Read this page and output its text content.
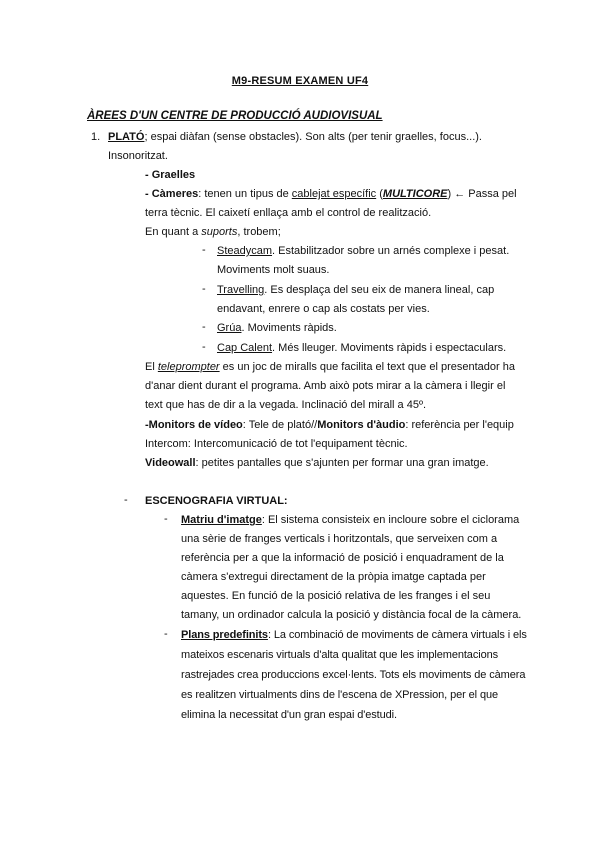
M9-RESUM EXAMEN UF4
ÀREES D'UN CENTRE DE PRODUCCIÓ AUDIOVISUAL
1. PLATÓ; espai diàfan (sense obstacles). Son alts (per tenir graelles, focus...).
Insonoritzat.
- Graelles
- Càmeres: tenen un tipus de cablejat específic (MULTICORE) ← Passa pel
terra tècnic. El caixetí enllaça amb el control de realització.
En quant a suports, trobem;
- Steadycam. Estabilitzador sobre un arnés complexe i pesat.
Moviments molt suaus.
- Travelling. Es desplaça del seu eix de manera lineal, cap
endavant, enrere o cap als costats per vies.
- Grúa. Moviments ràpids.
- Cap Calent. Més lleuger. Moviments ràpids i espectaculars.
El teleprompter es un joc de miralls que facilita el text que el presentador ha
d'anar dient durant el programa. Amb això pots mirar a la càmera i llegir el
text que has de dir a la vegada. Inclinació del mirall a 45º.
-Monitors de vídeo: Tele de plató//Monitors d'àudio: referència per l'equip
Intercom: Intercomunicació de tot l'equipament tècnic.
Videowall: petites pantalles que s'ajunten per formar una gran imatge.
- ESCENOGRAFIA VIRTUAL:
- Matriu d'imatge: El sistema consisteix en incloure sobre el ciclorama
una sèrie de franges verticals i horitzontals, que serveixen com a
referència per a que la informació de posició i enquadrament de la
càmera s'extregui directament de la pròpia imatge captada per
aquestes. En funció de la posició relativa de les franges i el seu
tamany, un ordinador calcula la posició y distància focal de la càmera.
- Plans predefinits: La combinació de moviments de càmera virtuals i els
mateixos escenaris virtuals d'alta qualitat que les implementacions
rastrejades crea produccions excel·lents. Tots els moviments de càmera
es realitzen virtualments dins de l'escena de XPression, per el que
elimina la necessitat d'un gran espai d'estudi.
